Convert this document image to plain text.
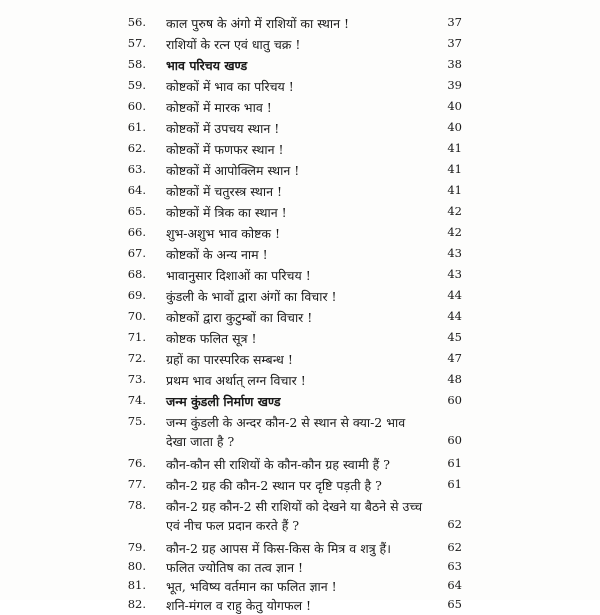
56. काल पुरुष के अंगो में राशियों का स्थान !	37
57. राशियों के रत्न एवं धातु चक्र !	37
58. भाव परिचय खण्ड	38
59. कोष्टकों में भाव का परिचय !	39
60. कोष्टकों में मारक भाव !	40
61. कोष्टकों में उपचय स्थान !	40
62. कोष्टकों में फणफर स्थान !	41
63. कोष्टकों में आपोक्लिम स्थान !	41
64. कोष्टकों में चतुरस्त्र स्थान !	41
65. कोष्टकों में त्रिक का स्थान !	42
66. शुभ-अशुभ भाव कोष्टक !	42
67. कोष्टकों के अन्य नाम !	43
68. भावानुसार दिशाओं का परिचय !	43
69. कुंडली के भावों द्वारा अंगों का विचार !	44
70. कोष्टकों द्वारा कुटुम्बों का विचार !	44
71. कोष्टक फलित सूत्र !	45
72. ग्रहों का पारस्परिक सम्बन्ध !	47
73. प्रथम भाव अर्थात् लग्न विचार !	48
74. जन्म कुंडली निर्माण खण्ड	60
75. जन्म कुंडली के अन्दर कौन-2 से स्थान से क्या-2 भाव देखा जाता है ?	60
76. कौन-कौन सी राशियों के कौन-कौन ग्रह स्वामी हैं ?	61
77. कौन-2 ग्रह की कौन-2 स्थान पर दृष्टि पड़ती है ?	61
78. कौन-2 ग्रह कौन-2 सी राशियों को देखने या बैठने से उच्च एवं नीच फल प्रदान करते हैं ?	62
79. कौन-2 ग्रह आपस में किस-किस के मित्र व शत्रु हैं।	62
80. फलित ज्योतिष का तत्व ज्ञान !	63
81. भूत, भविष्य वर्तमान का फलित ज्ञान !	64
82. शनि-मंगल व राहु केतु योगफल !	65
